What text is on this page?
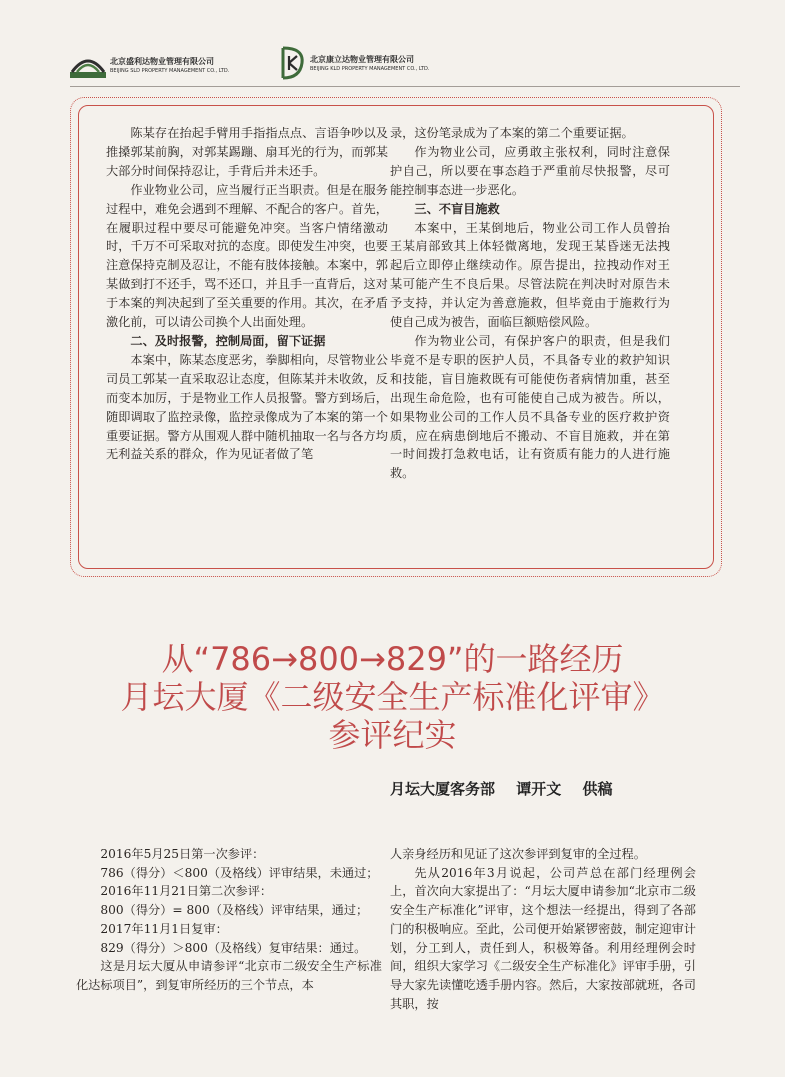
北京盛利达物业管理有限公司
BEIJING SLD PROPERTY MANAGEMENT CO., LTD.
北京康立达物业管理有限公司
BEIJING KLD PROPERTY MANAGEMENT CO., LTD.

陈某存在抬起手臂用手指指点点、言语争吵以及推搡郭某前胸，对郭某踢蹦、扇耳光的行为，而郭某大部分时间保持忍让，手背后并未还手。

作业物业公司，应当履行正当职责。但是在服务过程中，难免会遇到不理解、不配合的客户。首先，在履职过程中要尽可能避免冲突。当客户情绪激动时，千万不可采取对抗的态度。即使发生冲突，也要注意保持克制及忍让，不能有肢体接触。本案中，郭某做到打不还手，骂不还口，并且手一直背后，这对于本案的判决起到了至关重要的作用。其次，在矛盾激化前，可以请公司换个人出面处理。

二、及时报警，控制局面，留下证据

本案中，陈某态度恶劣，拳脚相向，尽管物业公司员工郭某一直采取忍让态度，但陈某并未收敛，反而变本加厉，于是物业工作人员报警。警方到场后，随即调取了监控录像，监控录像成为了本案的第一个重要证据。警方从围观人群中随机抽取一名与各方均无利益关系的群众，作为见证者做了笔

录，这份笔录成为了本案的第二个重要证据。

作为物业公司，应勇敢主张权利，同时注意保护自己，所以要在事态趋于严重前尽快报警，尽可能控制事态进一步恶化。

三、不盲目施救

本案中，王某倒地后，物业公司工作人员曾抬王某肩部致其上体轻微离地，发现王某昏迷无法拽起后立即停止继续动作。原告提出，拉拽动作对王某可能产生不良后果。尽管法院在判决时对原告未予支持，并认定为善意施救，但毕竟由于施救行为使自己成为被告，面临巨额赔偿风险。

作为物业公司，有保护客户的职责，但是我们毕竟不是专职的医护人员，不具备专业的救护知识和技能，盲目施救既有可能使伤者病情加重，甚至出现生命危险，也有可能使自己成为被告。所以，如果物业公司的工作人员不具备专业的医疗救护资质，应在病患倒地后不搬动、不盲目施救，并在第一时间拨打急救电话，让有资质有能力的人进行施救。

从“786→800→829”的一路经历
月坛大厦《二级安全生产标准化评审》
参评纪实
月坛大厦客务部 谭开文 供稿

2016年5月25日第一次参评：

786（得分）＜800（及格线）评审结果，未通过；

2016年11月21日第二次参评：

800（得分）= 800（及格线）评审结果，通过；

2017年11月1日复审：

829（得分）＞800（及格线）复审结果：通过。

这是月坛大厦从申请参评“北京市二级安全生产标准化达标项目”，到复审所经历的三个节点，本

人亲身经历和见证了这次参评到复审的全过程。

先从2016年3月说起，公司芦总在部门经理例会上，首次向大家提出了：“月坛大厦申请参加“北京市二级安全生产标准化”评审，这个想法一经提出，得到了各部门的积极响应。至此，公司便开始紧锣密鼓，制定迎审计划，分工到人，责任到人，积极筹备。利用经理例会时间，组织大家学习《二级安全生产标准化》评审手册，引导大家先读懂吃透手册内容。然后，大家按部就班，各司其职，按
